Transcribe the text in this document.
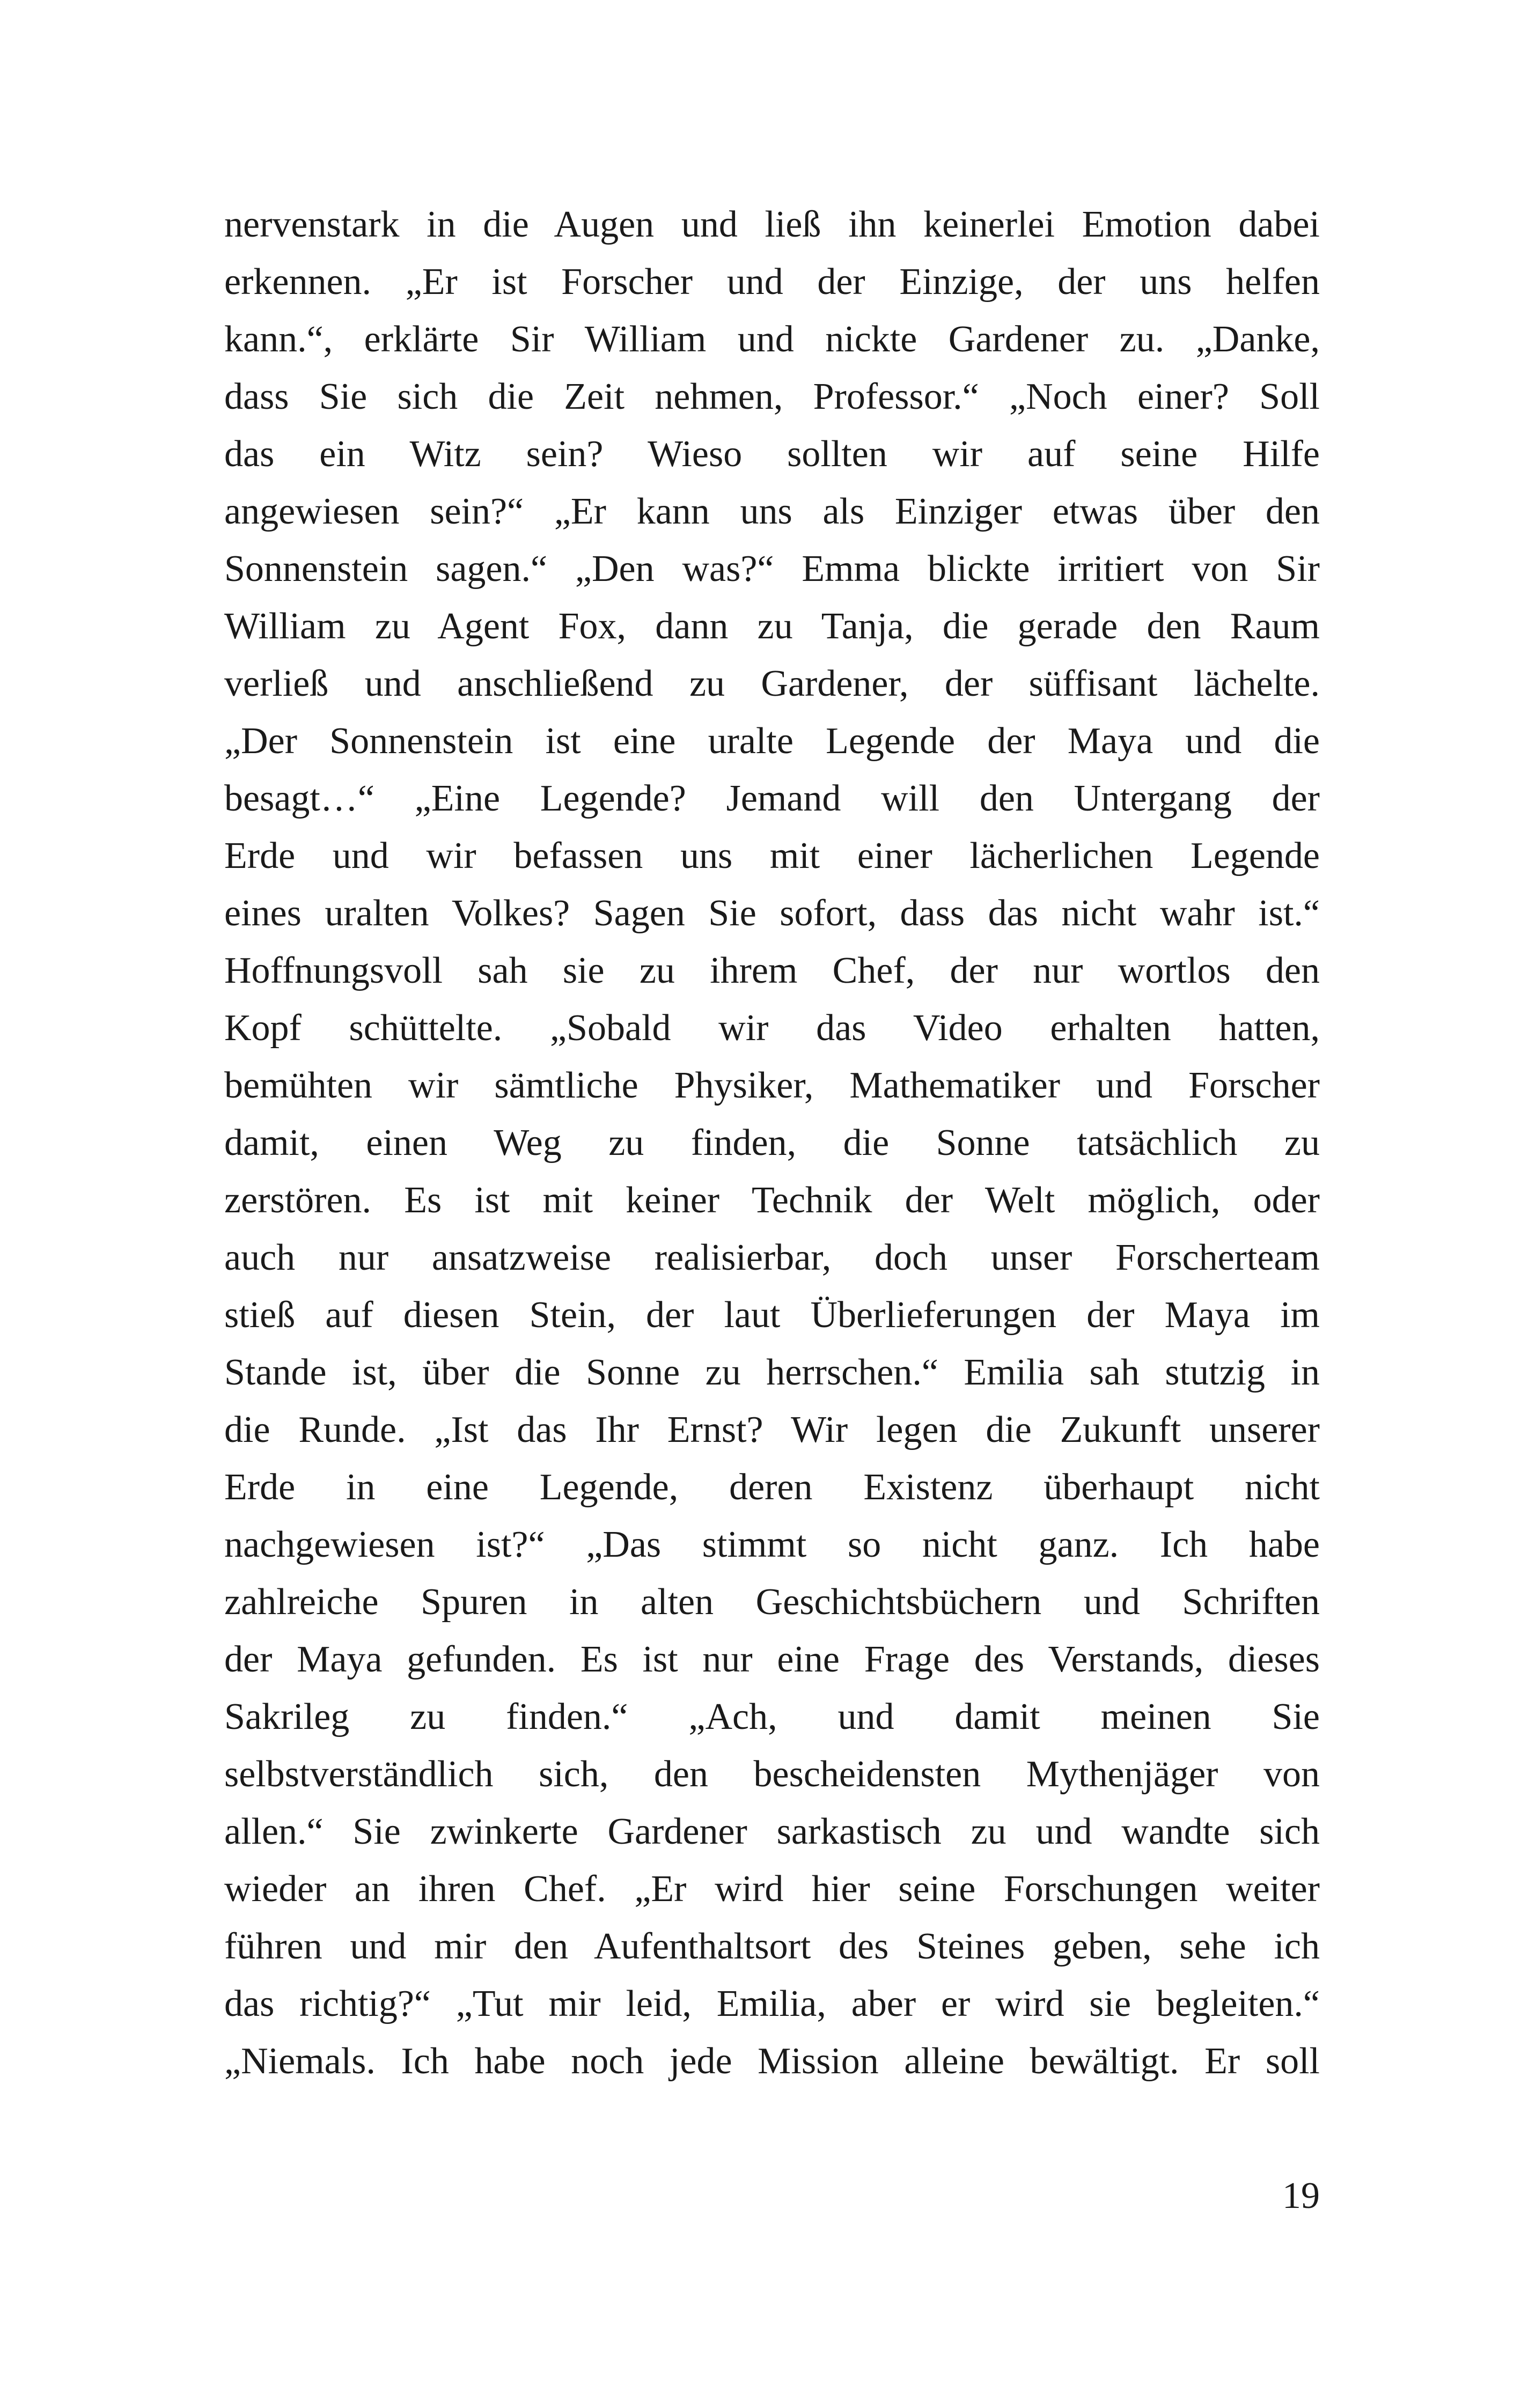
nervenstark in die Augen und ließ ihn keinerlei Emotion dabei
erkennen. „Er ist Forscher und der Einzige, der uns helfen
kann.“, erklärte Sir William und nickte Gardener zu. „Danke,
dass Sie sich die Zeit nehmen, Professor.“ „Noch einer? Soll
das ein Witz sein? Wieso sollten wir auf seine Hilfe
angewiesen sein?“ „Er kann uns als Einziger etwas über den
Sonnenstein sagen.“ „Den was?“ Emma blickte irritiert von Sir
William zu Agent Fox, dann zu Tanja, die gerade den Raum
verließ und anschließend zu Gardener, der süffisant lächelte.
„Der Sonnenstein ist eine uralte Legende der Maya und die
besagt…“ „Eine Legende? Jemand will den Untergang der
Erde und wir befassen uns mit einer lächerlichen Legende
eines uralten Volkes? Sagen Sie sofort, dass das nicht wahr ist.“
Hoffnungsvoll sah sie zu ihrem Chef, der nur wortlos den
Kopf schüttelte. „Sobald wir das Video erhalten hatten,
bemühten wir sämtliche Physiker, Mathematiker und Forscher
damit, einen Weg zu finden, die Sonne tatsächlich zu
zerstören. Es ist mit keiner Technik der Welt möglich, oder
auch nur ansatzweise realisierbar, doch unser Forscherteam
stieß auf diesen Stein, der laut Überlieferungen der Maya im
Stande ist, über die Sonne zu herrschen.“ Emilia sah stutzig in
die Runde. „Ist das Ihr Ernst? Wir legen die Zukunft unserer
Erde in eine Legende, deren Existenz überhaupt nicht
nachgewiesen ist?“ „Das stimmt so nicht ganz. Ich habe
zahlreiche Spuren in alten Geschichtsbüchern und Schriften
der Maya gefunden. Es ist nur eine Frage des Verstands, dieses
Sakrileg zu finden.“ „Ach, und damit meinen Sie
selbstverständlich sich, den bescheidensten Mythenjäger von
allen.“ Sie zwinkerte Gardener sarkastisch zu und wandte sich
wieder an ihren Chef. „Er wird hier seine Forschungen weiter
führen und mir den Aufenthaltsort des Steines geben, sehe ich
das richtig?“ „Tut mir leid, Emilia, aber er wird sie begleiten.“
„Niemals. Ich habe noch jede Mission alleine bewältigt. Er soll
19
